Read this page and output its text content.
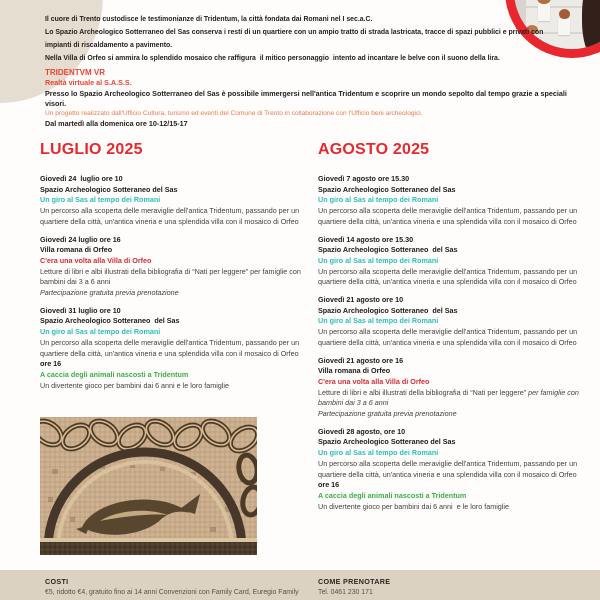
Il cuore di Trento custodisce le testimonianze di Tridentum, la città fondata dai Romani nel I sec.a.C.
Lo Spazio Archeologico Sotterraneo del Sas conserva i resti di un quartiere con un ampio tratto di strada lastricata, tracce di spazi pubblici e privati con
impianti di riscaldamento a pavimento.
Nella Villa di Orfeo si ammira lo splendido mosaico che raffigura  il mitico personaggio  intento ad incantare le belve con il suono della lira.
TRIDENTVM VR
Realtà virtuale al S.A.S.S.
Presso lo Spazio Archeologico Sotterraneo del Sas è possibile immergersi nell'antica Tridentum e scoprire un mondo sepolto dal tempo grazie a speciali visori.
Un progetto realizzato dall'Ufficio Cultura, turismo ed eventi del Comune di Trento in collaborazione con l'Ufficio beni archeologici.
Dal martedì alla domenica ore 10-12/15-17
LUGLIO 2025
Giovedì 24  luglio ore 10
Spazio Archeologico Sotteraneo del Sas
Un giro al Sas al tempo dei Romani
Un percorso alla scoperta delle meraviglie dell'antica Tridentum, passando per un quartiere della città, un'antica vineria e una splendida villa con il mosaico di Orfeo
Giovedì 24 luglio ore 16
Villa romana di Orfeo
C'era una volta alla Villa di Orfeo
Letture di libri e albi illustrati della bibliografia di “Nati per leggere” per famiglie con bambini dai 3 a 6 anni
Partecipazione gratuita previa prenotazione
Giovedì 31 luglio ore 10
Spazio Archeologico Sotteraneo  del Sas
Un giro al Sas al tempo dei Romani
Un percorso alla scoperta delle meraviglie dell'antica Tridentum, passando per un quartiere della città, un'antica vineria e una splendida villa con il mosaico di Orfeo
ore 16
A caccia degli animali nascosti a Tridentum
Un divertente gioco per bambini dai 6 anni e le loro famiglie
AGOSTO 2025
Giovedì 7 agosto ore 15.30
Spazio Archeologico Sotteraneo del Sas
Un giro al Sas al tempo dei Romani
Un percorso alla scoperta delle meraviglie dell'antica Tridentum, passando per un quartiere della città, un'antica vineria e una splendida villa con il mosaico di Orfeo
Giovedì 14 agosto ore 15.30
Spazio Archeologico Sotteraneo  del Sas
Un giro al Sas al tempo dei Romani
Un percorso alla scoperta delle meraviglie dell'antica Tridentum, passando per un quartiere della città, un'antica vineria e una splendida villa con il mosaico di Orfeo
Giovedì 21 agosto ore 10
Spazio Archeologico Sotteraneo  del Sas
Un giro al Sas al tempo dei Romani
Un percorso alla scoperta delle meraviglie dell'antica Tridentum, passando per un quartiere della città, un'antica vineria e una splendida villa con il mosaico di Orfeo
Giovedì 21 agosto ore 16
Villa romana di Orfeo
C'era una volta alla Villa di Orfeo
Letture di libri e albi illustrati della bibliografia di “Nati per leggere” per famiglie con bambini dai 3 a 6 anni
Partecipazione gratuita previa prenotazione
Giovedì 28 agosto, ore 10
Spazio Archeologico Sotteraneo del Sas
Un giro al Sas al tempo dei Romani
Un percorso alla scoperta delle meraviglie dell'antica Tridentum, passando per un quartiere della città, un'antica vineria e una splendida villa con il mosaico di Orfeo
ore 16
A caccia degli animali nascosti a Tridentum
Un divertente gioco per bambini dai 6 anni  e le loro famiglie
COSTI
€5, ridotto €4, gratuito fino ai 14 anni Convenzioni con Family Card, Euregio Family
COME PRENOTARE
Tel. 0461 230 171
